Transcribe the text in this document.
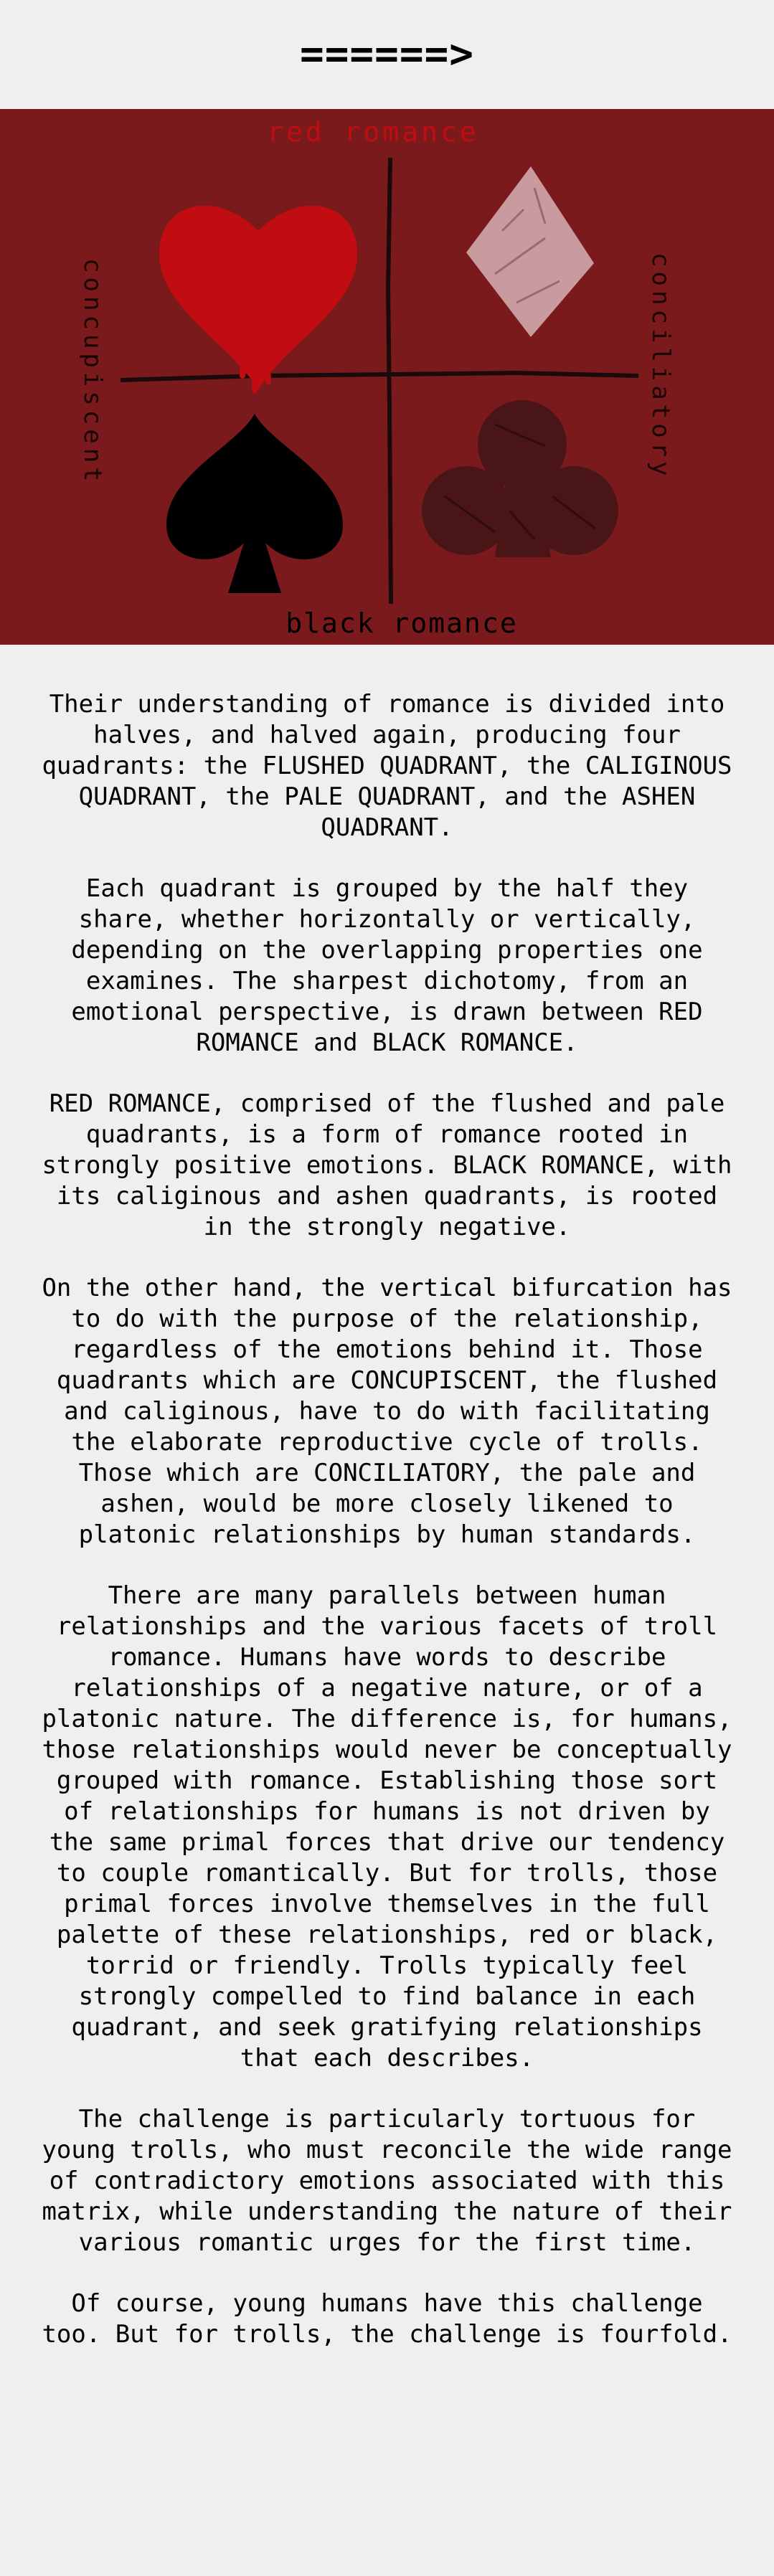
======>
red romance
black romance
concupiscent	conciliatory

Their understanding of romance is divided into halves, and halved again, producing four quadrants: the FLUSHED QUADRANT, the CALIGINOUS QUADRANT, the PALE QUADRANT, and the ASHEN QUADRANT.

Each quadrant is grouped by the half they share, whether horizontally or vertically, depending on the overlapping properties one examines. The sharpest dichotomy, from an emotional perspective, is drawn between RED ROMANCE and BLACK ROMANCE.

RED ROMANCE, comprised of the flushed and pale quadrants, is a form of romance rooted in strongly positive emotions. BLACK ROMANCE, with its caliginous and ashen quadrants, is rooted in the strongly negative.

On the other hand, the vertical bifurcation has to do with the purpose of the relationship, regardless of the emotions behind it. Those quadrants which are CONCUPISCENT, the flushed and caliginous, have to do with facilitating the elaborate reproductive cycle of trolls. Those which are CONCILIATORY, the pale and ashen, would be more closely likened to platonic relationships by human standards.

There are many parallels between human relationships and the various facets of troll romance. Humans have words to describe relationships of a negative nature, or of a platonic nature. The difference is, for humans, those relationships would never be conceptually grouped with romance. Establishing those sort of relationships for humans is not driven by the same primal forces that drive our tendency to couple romantically. But for trolls, those primal forces involve themselves in the full palette of these relationships, red or black, torrid or friendly. Trolls typically feel strongly compelled to find balance in each quadrant, and seek gratifying relationships that each describes.

The challenge is particularly tortuous for young trolls, who must reconcile the wide range of contradictory emotions associated with this matrix, while understanding the nature of their various romantic urges for the first time.

Of course, young humans have this challenge too. But for trolls, the challenge is fourfold.
